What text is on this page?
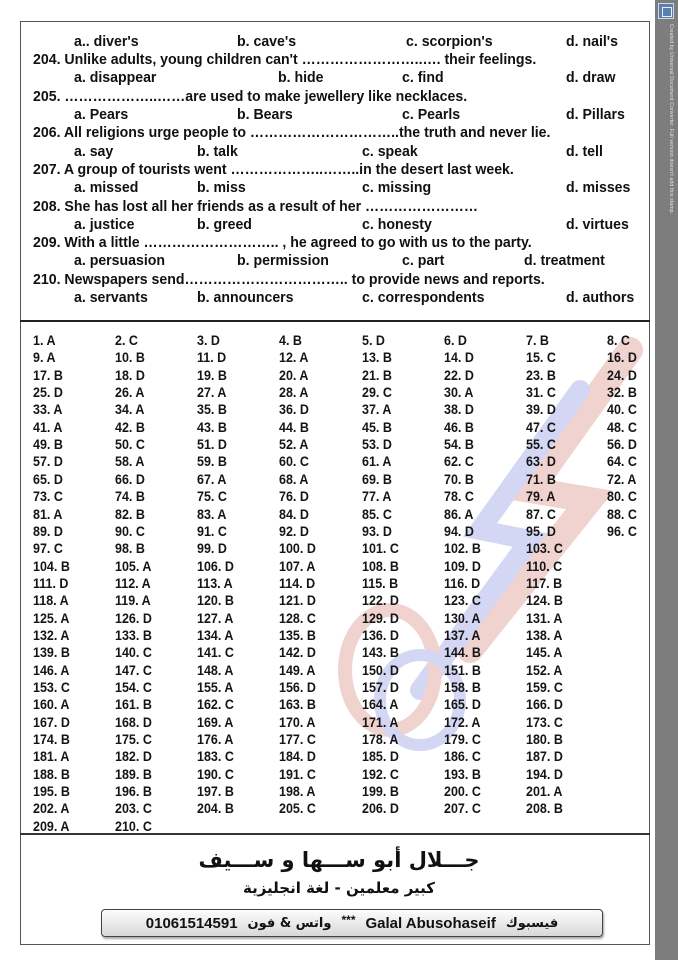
Created by Universal Document Converter. Full version doesn't add this stamp.
a.. diver's	b. cave's	c. scorpion's	d. nail's
204. Unlike adults, young children can't ……………………..…. their feelings.
a. disappear	b. hide	c. find	d. draw
205. ………………..……are used to make jewellery like necklaces.
a. Pears	b. Bears	c. Pearls	d. Pillars
206. All religions urge people to …………………………..the truth and never lie.
a. say	b. talk	c. speak	d. tell
207. A group of tourists went ………………..……..in the desert last week.
a. missed	b. miss	c. missing	d. misses
208. She has lost all her friends as a result of her ……………………
a. justice	b. greed	c. honesty	d. virtues
209. With a little ……………………….. , he agreed to go with us to the party.
a. persuasion	b. permission	c. part	d. treatment
210. Newspapers send…………………………….. to provide news and reports.
a. servants	b. announcers	c. correspondents	d. authors
1. A	2. C	3. D	4. B	5. D	6. D	7. B	8. C
9. A	10. B	11. D	12. A	13. B	14. D	15. C	16. D
17. B	18. D	19. B	20. A	21. B	22. D	23. B	24. D
25. D	26. A	27. A	28. A	29. C	30. A	31. C	32. B
33. A	34. A	35. B	36. D	37. A	38. D	39. D	40. C
41. A	42. B	43. B	44. B	45. B	46. B	47. C	48. C
49. B	50. C	51. D	52. A	53. D	54. B	55. C	56. D
57. D	58. A	59. B	60. C	61. A	62. C	63. D	64. C
65. D	66. D	67. A	68. A	69. B	70. B	71. B	72. A
73. C	74. B	75. C	76. D	77. A	78. C	79. A	80. C
81. A	82. B	83. A	84. D	85. C	86. A	87. C	88. C
89. D	90. C	91. C	92. D	93. D	94. D	95. D	96. C
97. C	98. B	99. D	100. D	101. C	102. B	103. C
104. B	105. A	106. D	107. A	108. B	109. D	110. C
111. D	112. A	113. A	114. D	115. B	116. D	117. B
118. A	119. A	120. B	121. D	122. D	123. C	124. B
125. A	126. D	127. A	128. C	129. D	130. A	131. A
132. A	133. B	134. A	135. B	136. D	137. A	138. A
139. B	140. C	141. C	142. D	143. B	144. B	145. A
146. A	147. C	148. A	149. A	150. D	151. B	152. A
153. C	154. C	155. A	156. D	157. D	158. B	159. C
160. A	161. B	162. C	163. B	164. A	165. D	166. D
167. D	168. D	169. A	170. A	171. A	172. A	173. C
174. B	175. C	176. A	177. C	178. A	179. C	180. B
181. A	182. D	183. C	184. D	185. D	186. C	187. D
188. B	189. B	190. C	191. C	192. C	193. B	194. D
195. B	196. B	197. B	198. A	199. B	200. C	201. A
202. A	203. C	204. B	205. C	206. D	207. C	208. B
209. A	210. C
جـــلال أبو ســـها و ســـيف
كبير معلمين - لغة انجليزية
01061514591 واتس & فون *** Galal Abusohaseif فيسبوك
